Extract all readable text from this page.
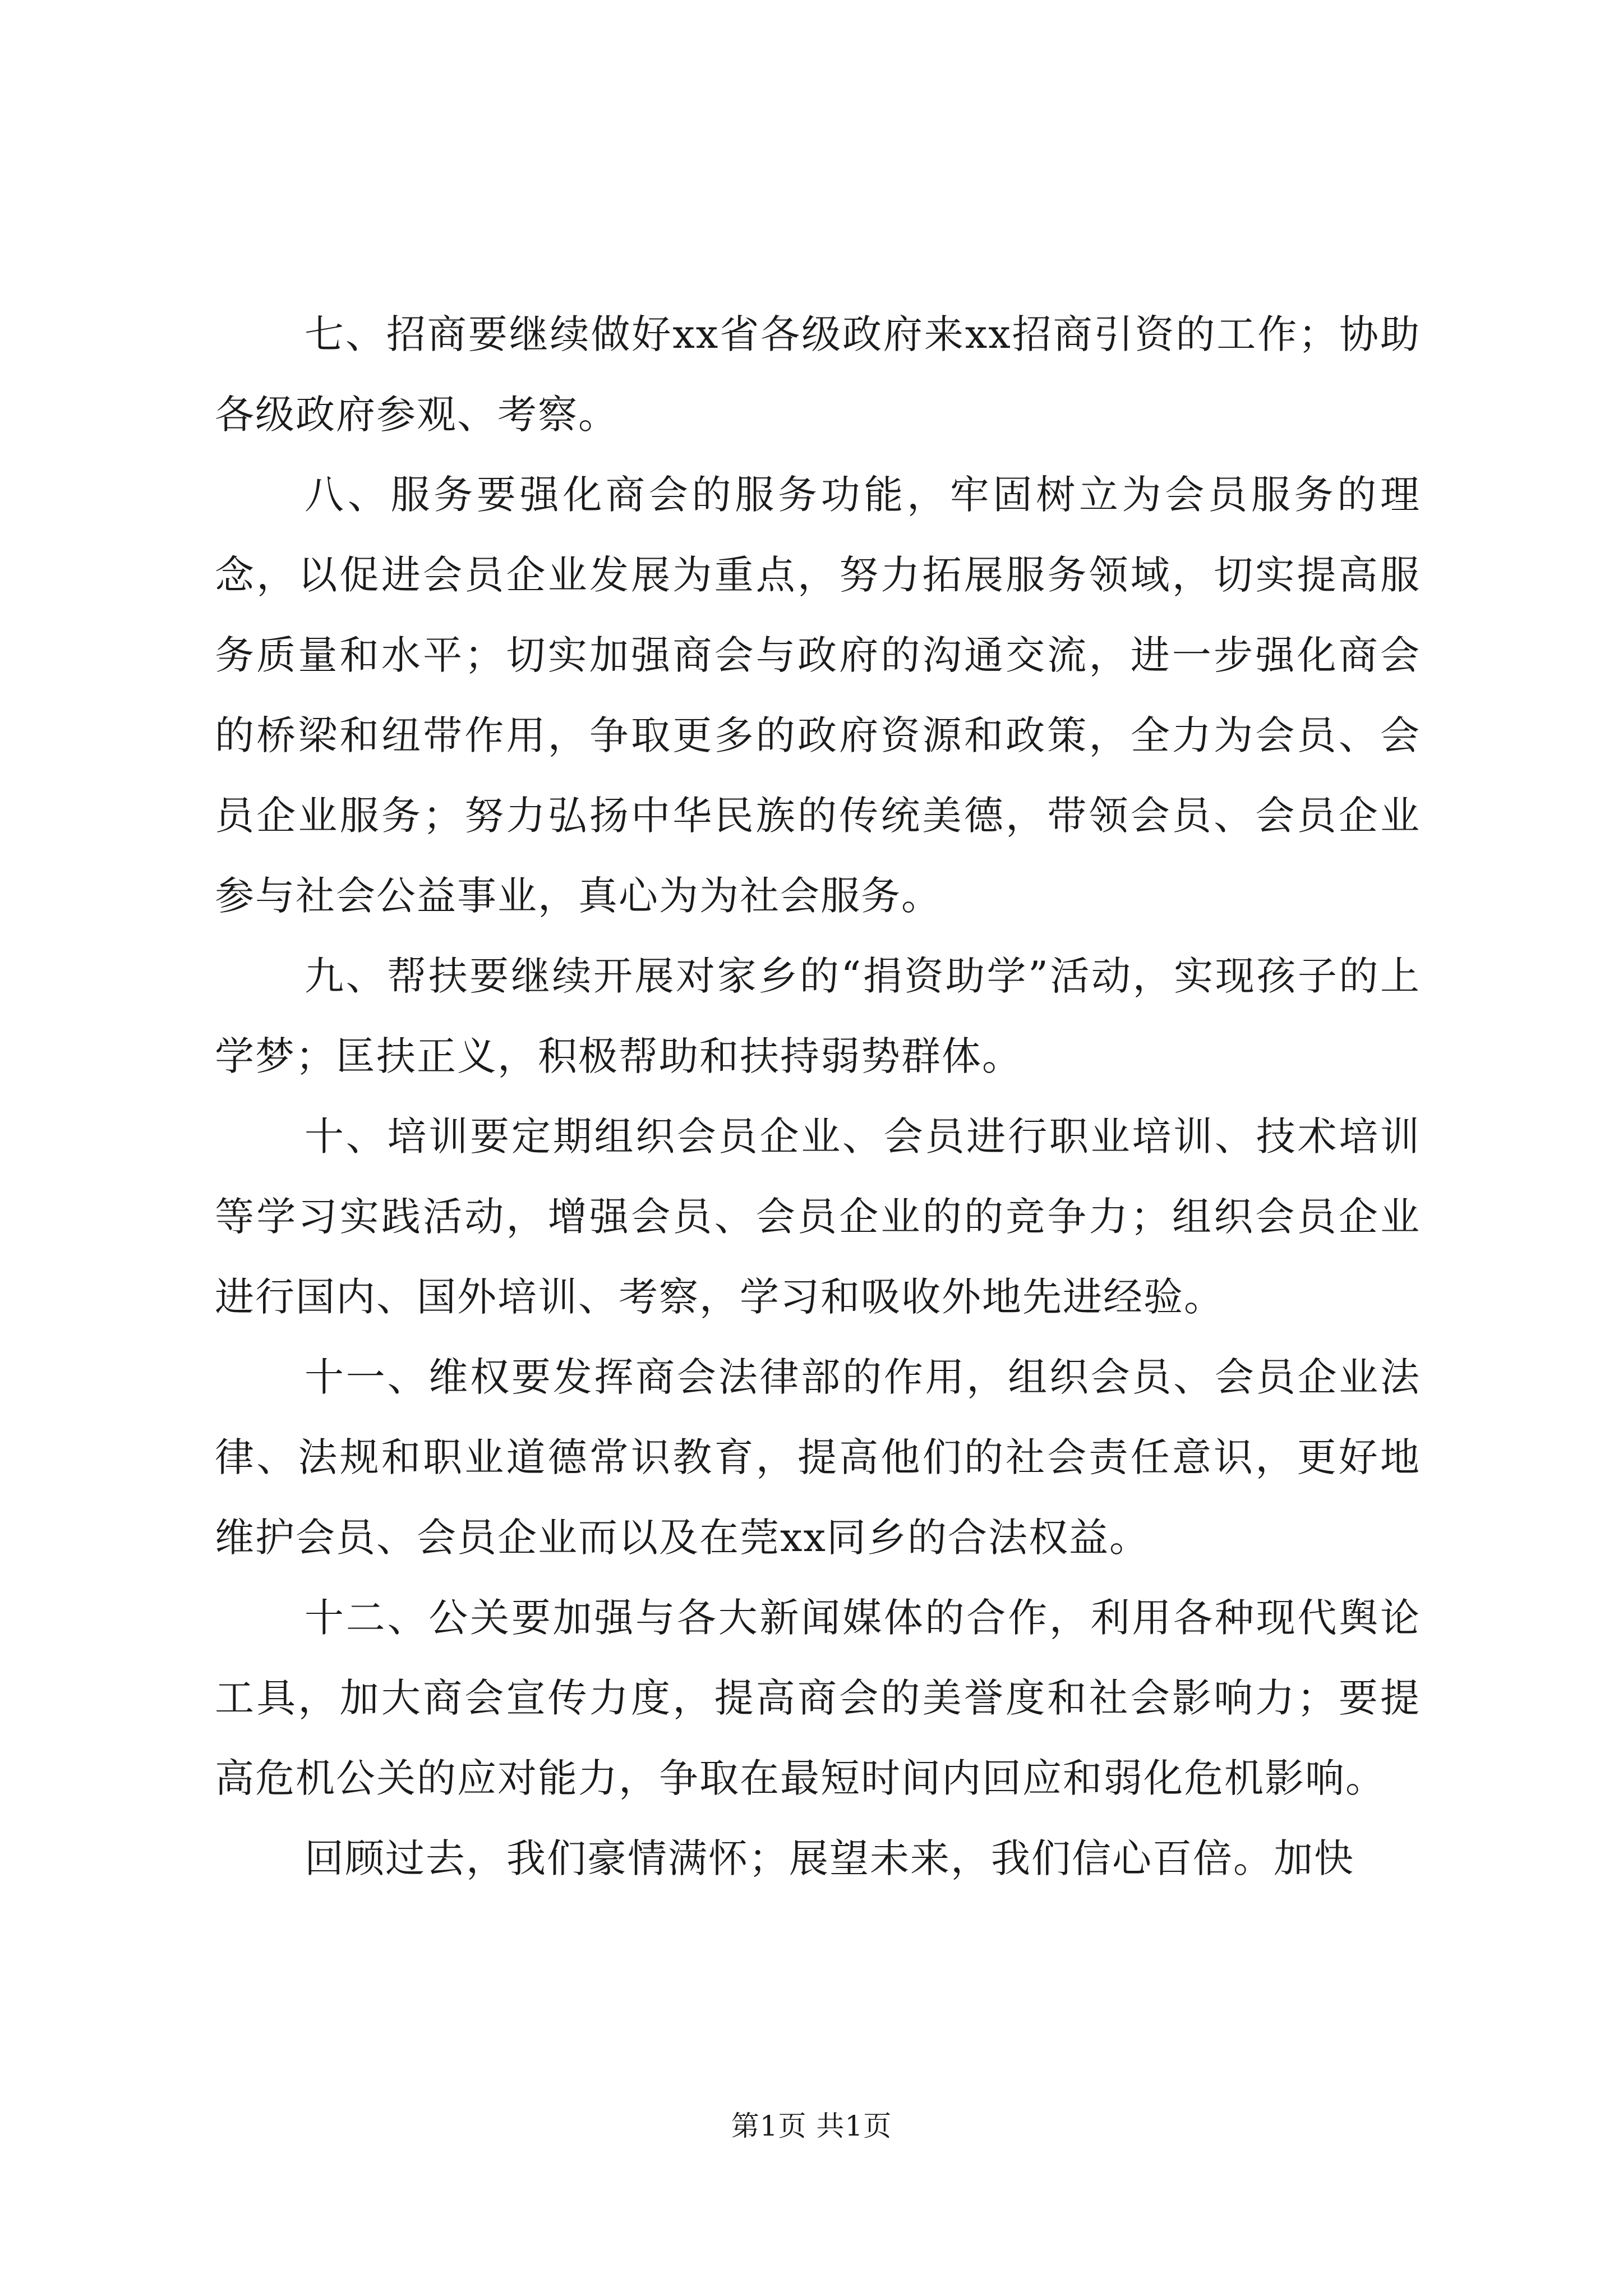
七、招商要继续做好xx省各级政府来xx招商引资的工作；协助各级政府参观、考察。

八、服务要强化商会的服务功能，牢固树立为会员服务的理念，以促进会员企业发展为重点，努力拓展服务领域，切实提高服务质量和水平；切实加强商会与政府的沟通交流，进一步强化商会的桥梁和纽带作用，争取更多的政府资源和政策，全力为会员、会员企业服务；努力弘扬中华民族的传统美德，带领会员、会员企业参与社会公益事业，真心为为社会服务。

九、帮扶要继续开展对家乡的“捐资助学”活动，实现孩子的上学梦；匡扶正义，积极帮助和扶持弱势群体。

十、培训要定期组织会员企业、会员进行职业培训、技术培训等学习实践活动，增强会员、会员企业的的竞争力；组织会员企业进行国内、国外培训、考察，学习和吸收外地先进经验。

十一、维权要发挥商会法律部的作用，组织会员、会员企业法律、法规和职业道德常识教育，提高他们的社会责任意识，更好地维护会员、会员企业而以及在莞xx同乡的合法权益。

十二、公关要加强与各大新闻媒体的合作，利用各种现代舆论工具，加大商会宣传力度，提高商会的美誉度和社会影响力；要提高危机公关的应对能力，争取在最短时间内回应和弱化危机影响。

回顾过去，我们豪情满怀；展望未来，我们信心百倍。加快

第1页 共1页
